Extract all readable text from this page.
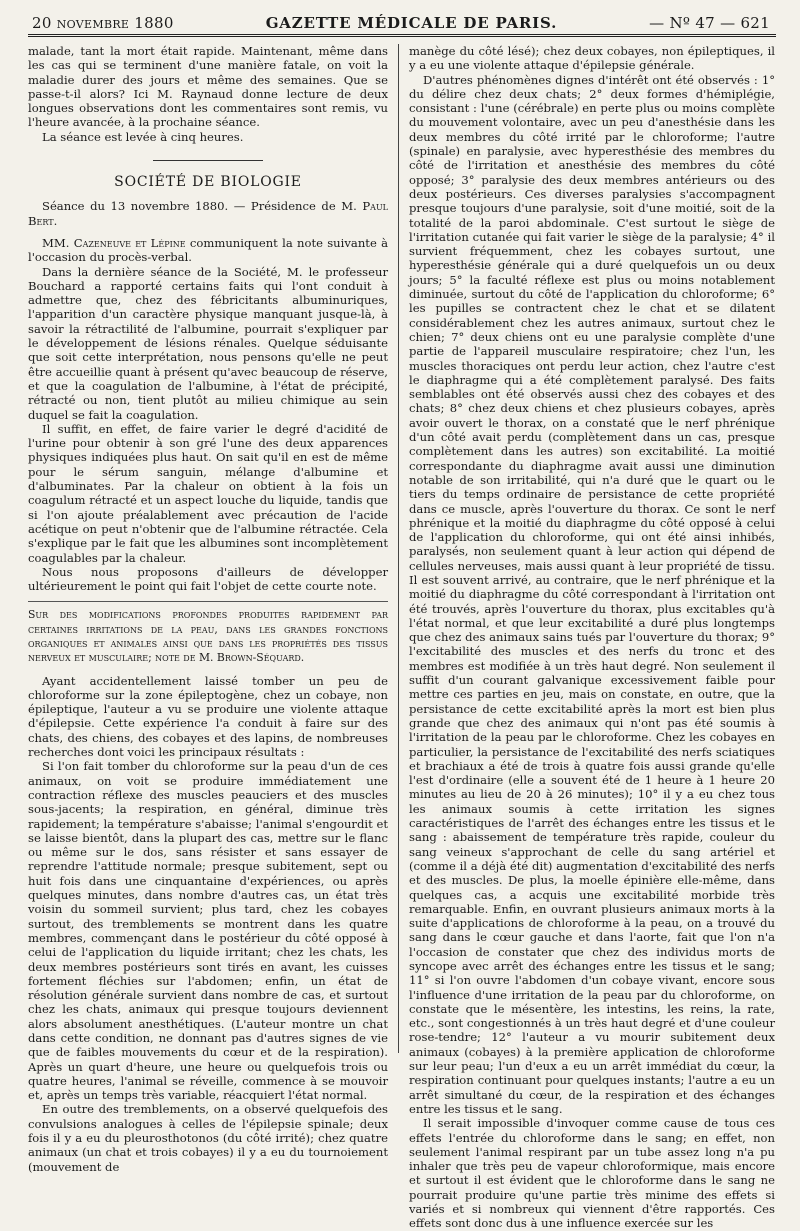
20 novembre 1880	GAZETTE MÉDICALE DE PARIS.	— Nº 47 — 621

malade, tant la mort était rapide. Maintenant, même dans les cas qui se terminent d'une manière fatale, on voit la maladie durer des jours et même des semaines. Que se passe-t-il alors? Ici M. Raynaud donne lecture de deux longues observations dont les commentaires sont remis, vu l'heure avancée, à la prochaine séance.

La séance est levée à cinq heures.

SOCIÉTÉ DE BIOLOGIE

Séance du 13 novembre 1880. — Présidence de M. Paul Bert.

MM. Cazeneuve et Lépine communiquent la note suivante à l'occasion du procès-verbal.

Dans la dernière séance de la Société, M. le professeur Bouchard a rapporté certains faits qui l'ont conduit à admettre que, chez des fébricitants albuminuriques, l'apparition d'un caractère physique manquant jusque-là, à savoir la rétractilité de l'albumine, pourrait s'expliquer par le développement de lésions rénales. Quelque séduisante que soit cette interprétation, nous pensons qu'elle ne peut être accueillie quant à présent qu'avec beaucoup de réserve, et que la coagulation de l'albumine, à l'état de précipité, rétracté ou non, tient plutôt au milieu chimique au sein duquel se fait la coagulation.

Il suffit, en effet, de faire varier le degré d'acidité de l'urine pour obtenir à son gré l'une des deux apparences physiques indiquées plus haut. On sait qu'il en est de même pour le sérum sanguin, mélange d'albumine et d'albuminates. Par la chaleur on obtient à la fois un coagulum rétracté et un aspect louche du liquide, tandis que si l'on ajoute préalablement avec précaution de l'acide acétique on peut n'obtenir que de l'albumine rétractée. Cela s'explique par le fait que les albumines sont incomplètement coagulables par la chaleur.

Nous nous proposons d'ailleurs de développer ultérieurement le point qui fait l'objet de cette courte note.

Sur des modifications profondes produites rapidement par certaines irritations de la peau, dans les grandes fonctions organiques et animales ainsi que dans les propriétés des tissus nerveux et musculaire; note de M. Brown-Séquard.

Ayant accidentellement laissé tomber un peu de chloroforme sur la zone épileptogène, chez un cobaye, non épileptique, l'auteur a vu se produire une violente attaque d'épilepsie. Cette expérience l'a conduit à faire sur des chats, des chiens, des cobayes et des lapins, de nombreuses recherches dont voici les principaux résultats :

Si l'on fait tomber du chloroforme sur la peau d'un de ces animaux, on voit se produire immédiatement une contraction réflexe des muscles peauciers et des muscles sous-jacents; la respiration, en général, diminue très rapidement; la température s'abaisse; l'animal s'engourdit et se laisse bientôt, dans la plupart des cas, mettre sur le flanc ou même sur le dos, sans résister et sans essayer de reprendre l'attitude normale; presque subitement, sept ou huit fois dans une cinquantaine d'expériences, ou après quelques minutes, dans nombre d'autres cas, un état très voisin du sommeil survient; plus tard, chez les cobayes surtout, des tremblements se montrent dans les quatre membres, commençant dans le postérieur du côté opposé à celui de l'application du liquide irritant; chez les chats, les deux membres postérieurs sont tirés en avant, les cuisses fortement fléchies sur l'abdomen; enfin, un état de résolution générale survient dans nombre de cas, et surtout chez les chats, animaux qui presque toujours deviennent alors absolument anesthétiques. (L'auteur montre un chat dans cette condition, ne donnant pas d'autres signes de vie que de faibles mouvements du cœur et de la respiration). Après un quart d'heure, une heure ou quelquefois trois ou quatre heures, l'animal se réveille, commence à se mouvoir et, après un temps très variable, réacquiert l'état normal.

En outre des tremblements, on a observé quelquefois des convulsions analogues à celles de l'épilepsie spinale; deux fois il y a eu du pleurosthotonos (du côté irrité); chez quatre animaux (un chat et trois cobayes) il y a eu du tournoiement (mouvement de

manège du côté lésé); chez deux cobayes, non épileptiques, il y a eu une violente attaque d'épilepsie générale.

D'autres phénomènes dignes d'intérêt ont été observés : 1° du délire chez deux chats; 2° deux formes d'hémiplégie, consistant : l'une (cérébrale) en perte plus ou moins complète du mouvement volontaire, avec un peu d'anesthésie dans les deux membres du côté irrité par le chloroforme; l'autre (spinale) en paralysie, avec hyperesthésie des membres du côté de l'irritation et anesthésie des membres du côté opposé; 3° paralysie des deux membres antérieurs ou des deux postérieurs. Ces diverses paralysies s'accompagnent presque toujours d'une paralysie, soit d'une moitié, soit de la totalité de la paroi abdominale. C'est surtout le siège de l'irritation cutanée qui fait varier le siège de la paralysie; 4° il survient fréquemment, chez les cobayes surtout, une hyperesthésie générale qui a duré quelquefois un ou deux jours; 5° la faculté réflexe est plus ou moins notablement diminuée, surtout du côté de l'application du chloroforme; 6° les pupilles se contractent chez le chat et se dilatent considérablement chez les autres animaux, surtout chez le chien; 7° deux chiens ont eu une paralysie complète d'une partie de l'appareil musculaire respiratoire; chez l'un, les muscles thoraciques ont perdu leur action, chez l'autre c'est le diaphragme qui a été complètement paralysé. Des faits semblables ont été observés aussi chez des cobayes et des chats; 8° chez deux chiens et chez plusieurs cobayes, après avoir ouvert le thorax, on a constaté que le nerf phrénique d'un côté avait perdu (complètement dans un cas, presque complètement dans les autres) son excitabilité. La moitié correspondante du diaphragme avait aussi une diminution notable de son irritabilité, qui n'a duré que le quart ou le tiers du temps ordinaire de persistance de cette propriété dans ce muscle, après l'ouverture du thorax. Ce sont le nerf phrénique et la moitié du diaphragme du côté opposé à celui de l'application du chloroforme, qui ont été ainsi inhibés, paralysés, non seulement quant à leur action qui dépend de cellules nerveuses, mais aussi quant à leur propriété de tissu. Il est souvent arrivé, au contraire, que le nerf phrénique et la moitié du diaphragme du côté correspondant à l'irritation ont été trouvés, après l'ouverture du thorax, plus excitables qu'à l'état normal, et que leur excitabilité a duré plus longtemps que chez des animaux sains tués par l'ouverture du thorax; 9° l'excitabilité des muscles et des nerfs du tronc et des membres est modifiée à un très haut degré. Non seulement il suffit d'un courant galvanique excessivement faible pour mettre ces parties en jeu, mais on constate, en outre, que la persistance de cette excitabilité après la mort est bien plus grande que chez des animaux qui n'ont pas été soumis à l'irritation de la peau par le chloroforme. Chez les cobayes en particulier, la persistance de l'excitabilité des nerfs sciatiques et brachiaux a été de trois à quatre fois aussi grande qu'elle l'est d'ordinaire (elle a souvent été de 1 heure à 1 heure 20 minutes au lieu de 20 à 26 minutes); 10° il y a eu chez tous les animaux soumis à cette irritation les signes caractéristiques de l'arrêt des échanges entre les tissus et le sang : abaissement de température très rapide, couleur du sang veineux s'approchant de celle du sang artériel et (comme il a déjà été dit) augmentation d'excitabilité des nerfs et des muscles. De plus, la moelle épinière elle-même, dans quelques cas, a acquis une excitabilité morbide très remarquable. Enfin, en ouvrant plusieurs animaux morts à la suite d'applications de chloroforme à la peau, on a trouvé du sang dans le cœur gauche et dans l'aorte, fait que l'on n'a l'occasion de constater que chez des individus morts de syncope avec arrêt des échanges entre les tissus et le sang; 11° si l'on ouvre l'abdomen d'un cobaye vivant, encore sous l'influence d'une irritation de la peau par du chloroforme, on constate que le mésentère, les intestins, les reins, la rate, etc., sont congestionnés à un très haut degré et d'une couleur rose-tendre; 12° l'auteur a vu mourir subitement deux animaux (cobayes) à la première application de chloroforme sur leur peau; l'un d'eux a eu un arrêt immédiat du cœur, la respiration continuant pour quelques instants; l'autre a eu un arrêt simultané du cœur, de la respiration et des échanges entre les tissus et le sang.

Il serait impossible d'invoquer comme cause de tous ces effets l'entrée du chloroforme dans le sang; en effet, non seulement l'animal respirant par un tube assez long n'a pu inhaler que très peu de vapeur chloroformique, mais encore et surtout il est évident que le chloroforme dans le sang ne pourrait produire qu'une partie très minime des effets si variés et si nombreux qui viennent d'être rapportés. Ces effets sont donc dus à une influence exercée sur les
